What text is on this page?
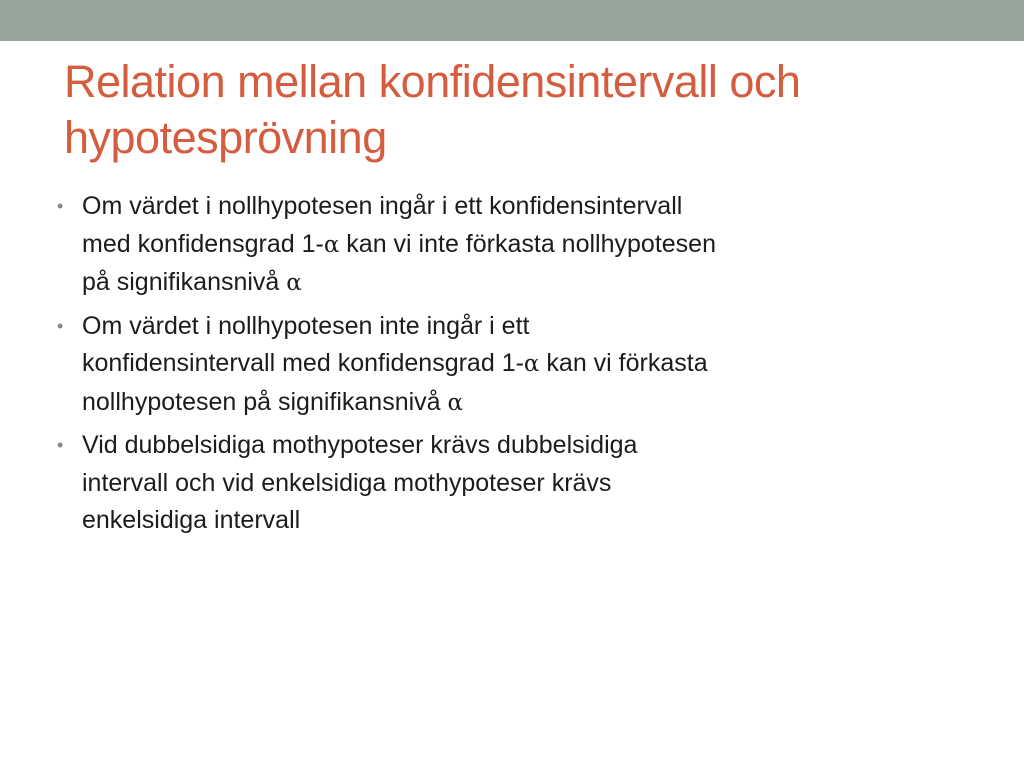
Relation mellan konfidensintervall och
hypotesprövning
• Om värdet i nollhypotesen ingår i ett konfidensintervall
med konfidensgrad 1-α kan vi inte förkasta nollhypotesen
på signifikansnivå α
• Om värdet i nollhypotesen inte ingår i ett
konfidensintervall med konfidensgrad 1-α kan vi förkasta
nollhypotesen på signifikansnivå α
• Vid dubbelsidiga mothypoteser krävs dubbelsidiga
intervall och vid enkelsidiga mothypoteser krävs
enkelsidiga intervall
